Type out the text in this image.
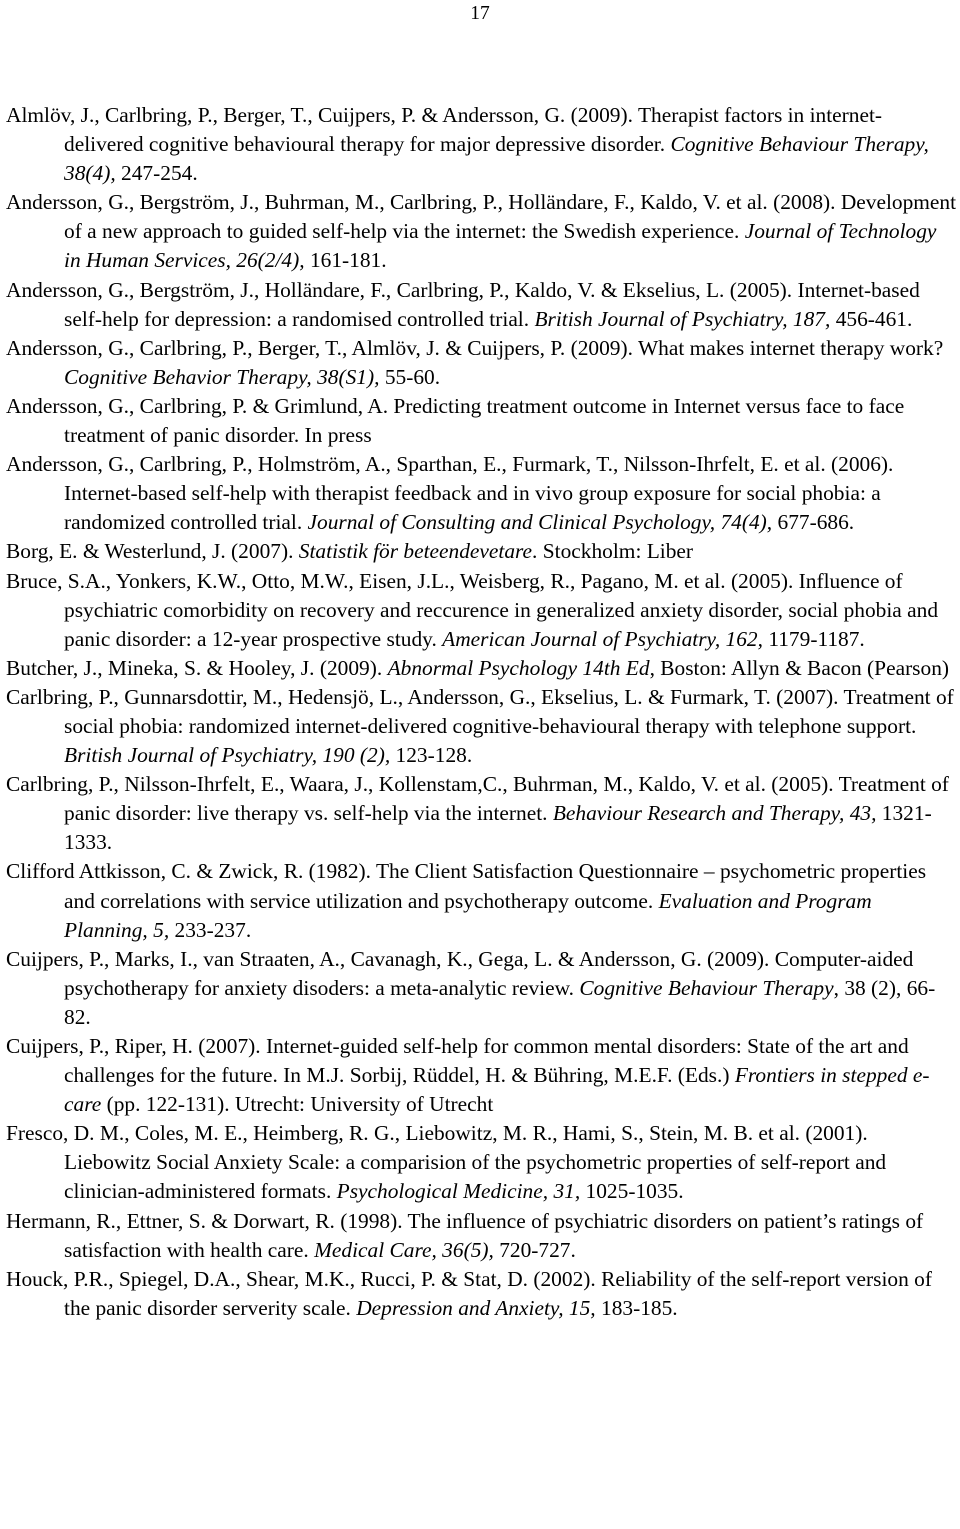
17

Almlöv, J., Carlbring, P., Berger, T., Cuijpers, P. & Andersson, G. (2009). Therapist factors in internet-delivered cognitive behavioural therapy for major depressive disorder. Cognitive Behaviour Therapy, 38(4), 247-254.

Andersson, G., Bergström, J., Buhrman, M., Carlbring, P., Holländare, F., Kaldo, V. et al. (2008). Development of a new approach to guided self-help via the internet: the Swedish experience. Journal of Technology in Human Services, 26(2/4), 161-181.

Andersson, G., Bergström, J., Holländare, F., Carlbring, P., Kaldo, V. & Ekselius, L. (2005). Internet-based self-help for depression: a randomised controlled trial. British Journal of Psychiatry, 187, 456-461.

Andersson, G., Carlbring, P., Berger, T., Almlöv, J. & Cuijpers, P. (2009). What makes internet therapy work? Cognitive Behavior Therapy, 38(S1), 55-60.

Andersson, G., Carlbring, P. & Grimlund, A. Predicting treatment outcome in Internet versus face to face treatment of panic disorder. In press

Andersson, G., Carlbring, P., Holmström, A., Sparthan, E., Furmark, T., Nilsson-Ihrfelt, E. et al. (2006). Internet-based self-help with therapist feedback and in vivo group exposure for social phobia: a randomized controlled trial. Journal of Consulting and Clinical Psychology, 74(4), 677-686.

Borg, E. & Westerlund, J. (2007). Statistik för beteendevetare. Stockholm: Liber

Bruce, S.A., Yonkers, K.W., Otto, M.W., Eisen, J.L., Weisberg, R., Pagano, M. et al. (2005). Influence of psychiatric comorbidity on recovery and reccurence in generalized anxiety disorder, social phobia and panic disorder: a 12-year prospective study. American Journal of Psychiatry, 162, 1179-1187.

Butcher, J., Mineka, S. & Hooley, J. (2009). Abnormal Psychology 14th Ed, Boston: Allyn & Bacon (Pearson)

Carlbring, P., Gunnarsdottir, M., Hedensjö, L., Andersson, G., Ekselius, L. & Furmark, T. (2007). Treatment of social phobia: randomized internet-delivered cognitive-behavioural therapy with telephone support. British Journal of Psychiatry, 190 (2), 123-128.

Carlbring, P., Nilsson-Ihrfelt, E., Waara, J., Kollenstam,C., Buhrman, M., Kaldo, V. et al. (2005). Treatment of panic disorder: live therapy vs. self-help via the internet. Behaviour Research and Therapy, 43, 1321-1333.

Clifford Attkisson, C. & Zwick, R. (1982). The Client Satisfaction Questionnaire – psychometric properties and correlations with service utilization and psychotherapy outcome. Evaluation and Program Planning, 5, 233-237.

Cuijpers, P., Marks, I., van Straaten, A., Cavanagh, K., Gega, L. & Andersson, G. (2009). Computer-aided psychotherapy for anxiety disoders: a meta-analytic review. Cognitive Behaviour Therapy, 38 (2), 66-82.

Cuijpers, P., Riper, H. (2007). Internet-guided self-help for common mental disorders: State of the art and challenges for the future. In M.J. Sorbij, Rüddel, H. & Bühring, M.E.F. (Eds.) Frontiers in stepped e-care (pp. 122-131). Utrecht: University of Utrecht

Fresco, D. M., Coles, M. E., Heimberg, R. G., Liebowitz, M. R., Hami, S., Stein, M. B. et al. (2001). Liebowitz Social Anxiety Scale: a comparision of the psychometric properties of self-report and clinician-administered formats. Psychological Medicine, 31, 1025-1035.

Hermann, R., Ettner, S. & Dorwart, R. (1998). The influence of psychiatric disorders on patient’s ratings of satisfaction with health care. Medical Care, 36(5), 720-727.

Houck, P.R., Spiegel, D.A., Shear, M.K., Rucci, P. & Stat, D. (2002). Reliability of the self-report version of the panic disorder serverity scale. Depression and Anxiety, 15, 183-185.
